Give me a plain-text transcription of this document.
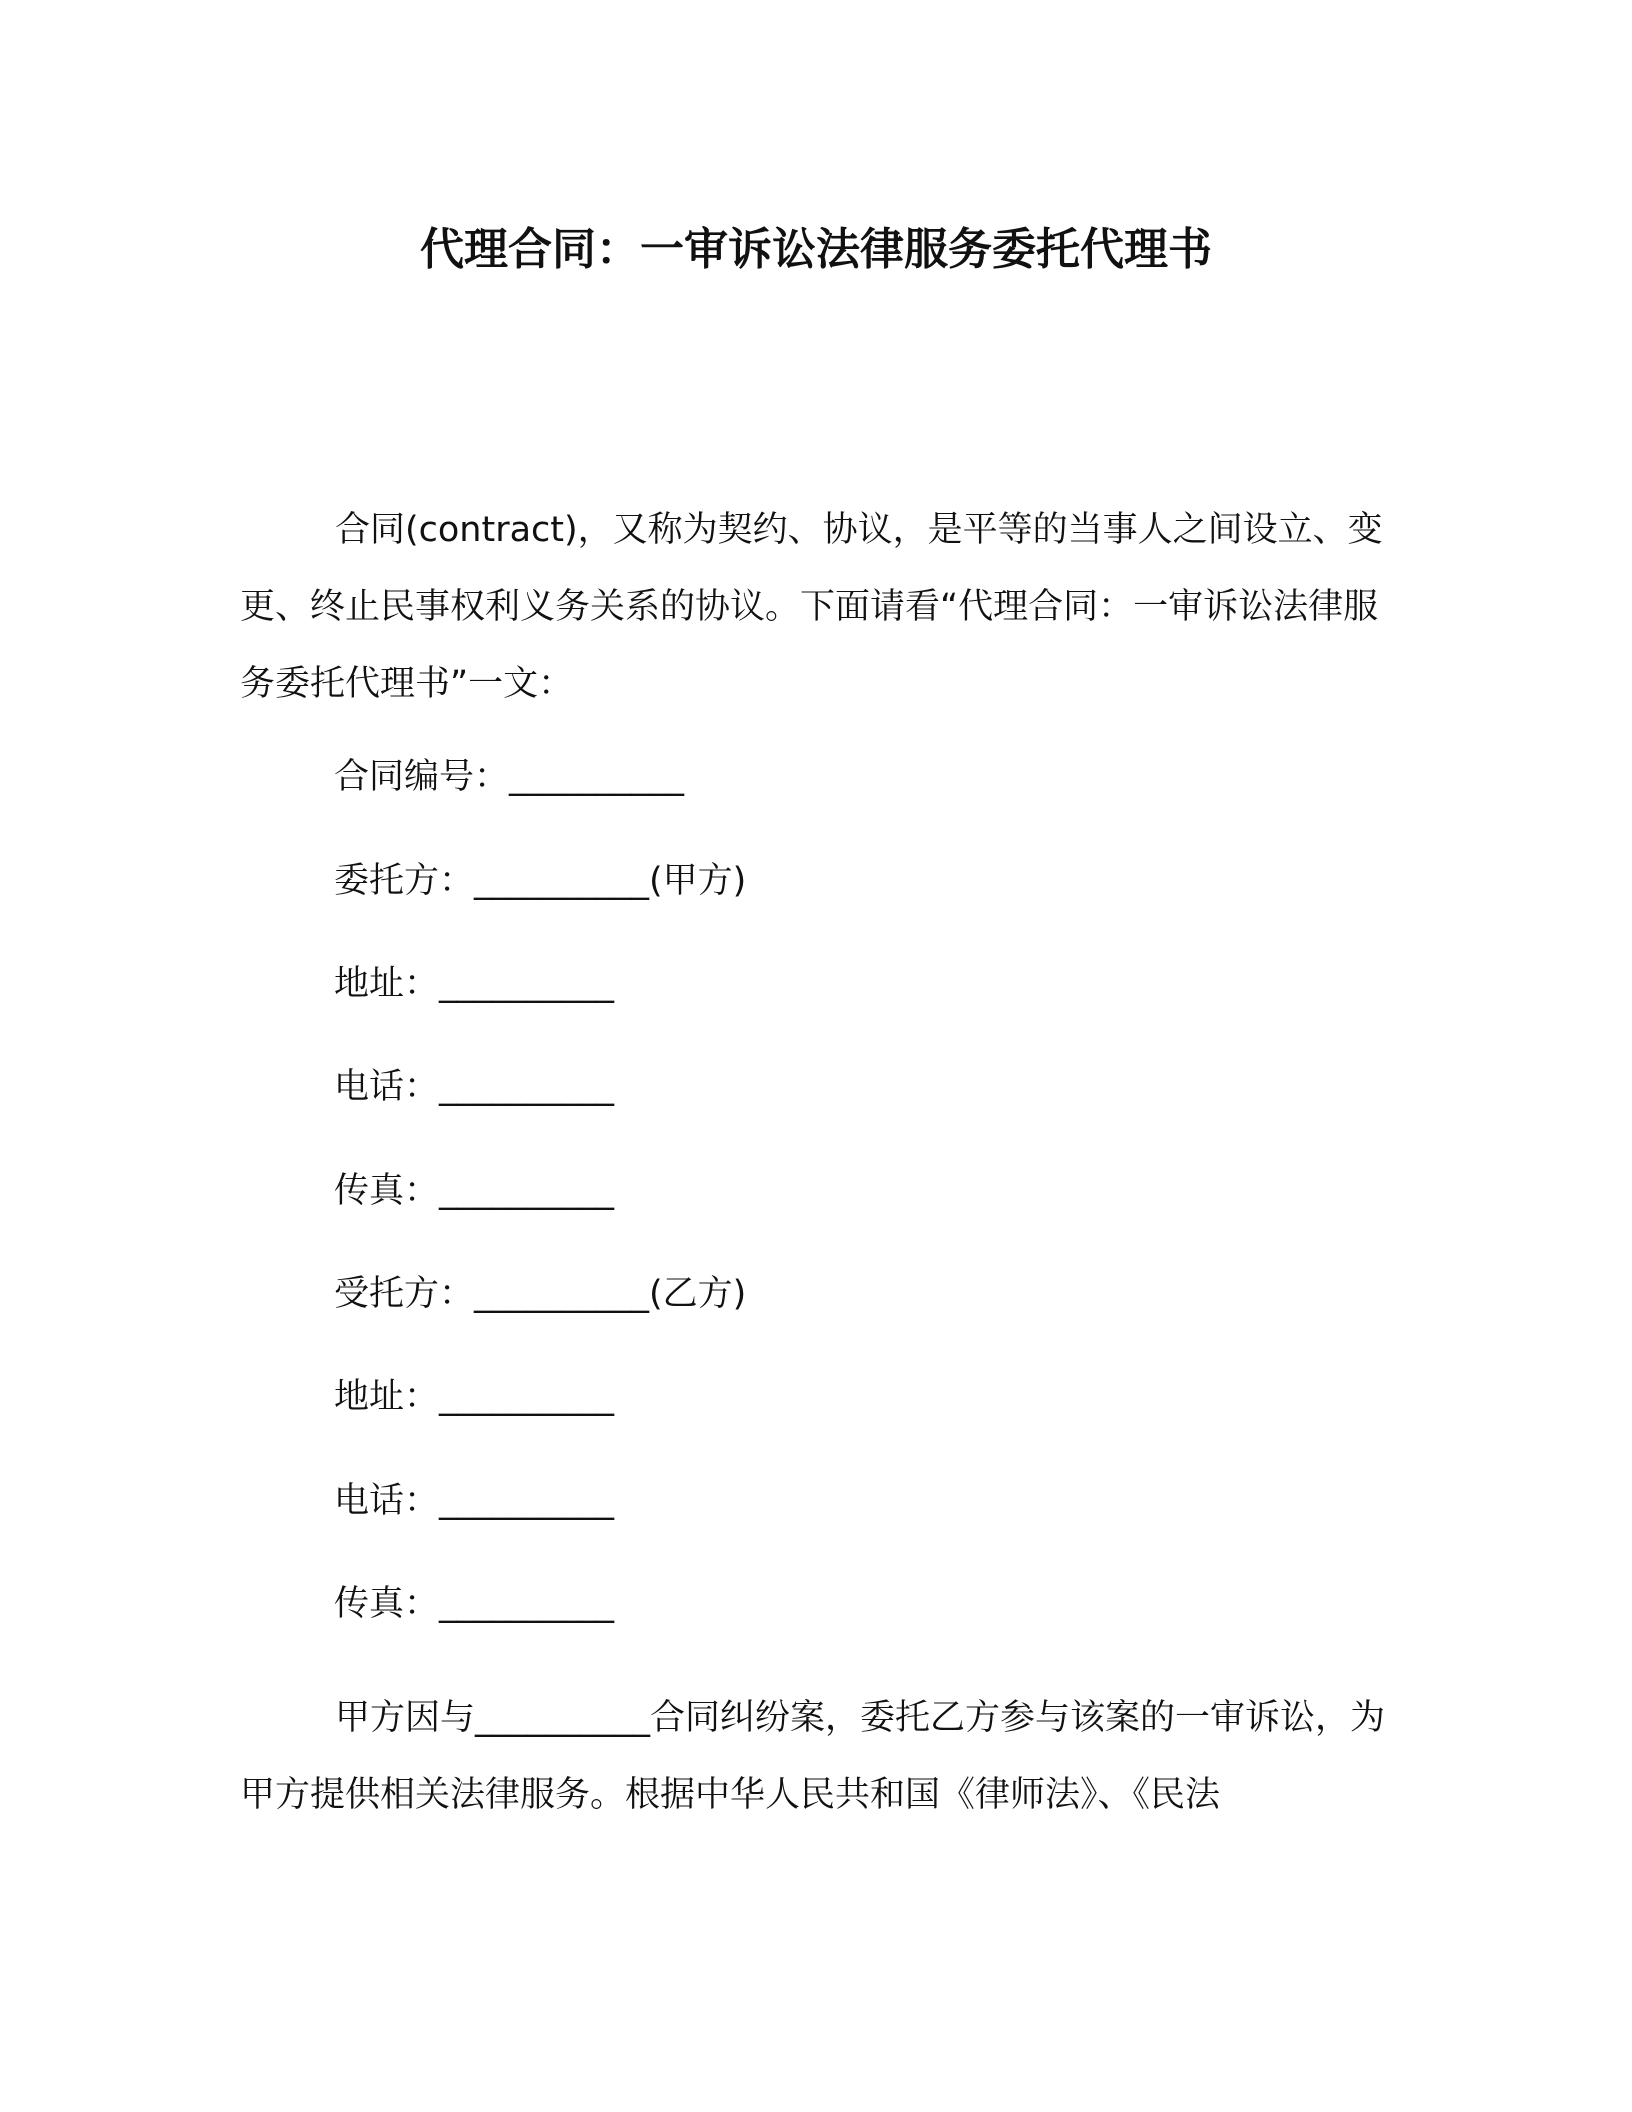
代理合同：一审诉讼法律服务委托代理书

合同(contract)，又称为契约、协议，是平等的当事人之间设立、变更、终止民事权利义务关系的协议。下面请看“代理合同：一审诉讼法律服务委托代理书”一文：

合同编号：__________
委托方：__________(甲方)
地址：__________
电话：__________
传真：__________
受托方：__________(乙方)
地址：__________
电话：__________
传真：__________

甲方因与__________合同纠纷案，委托乙方参与该案的一审诉讼，为甲方提供相关法律服务。根据中华人民共和国《律师法》、《民法
